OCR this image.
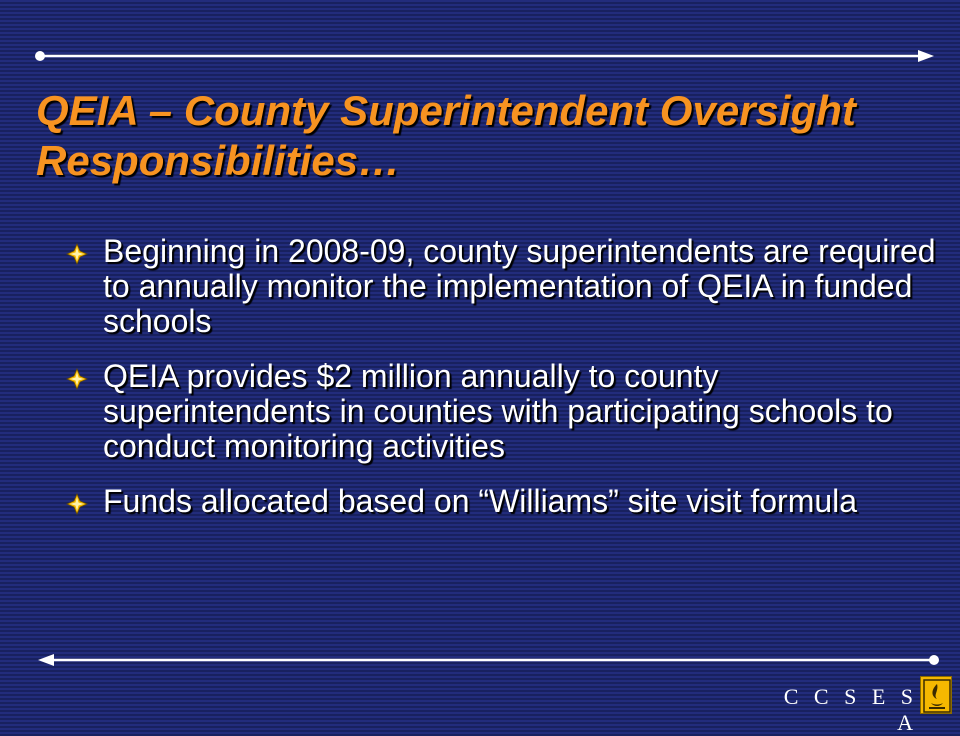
QEIA – County Superintendent Oversight Responsibilities…
Beginning in 2008-09, county superintendents are required to annually monitor the implementation of QEIA in funded schools
QEIA provides $2 million annually to county superintendents in counties with participating schools to conduct monitoring activities
Funds allocated based on “Williams” site visit formula
C C S E S A
